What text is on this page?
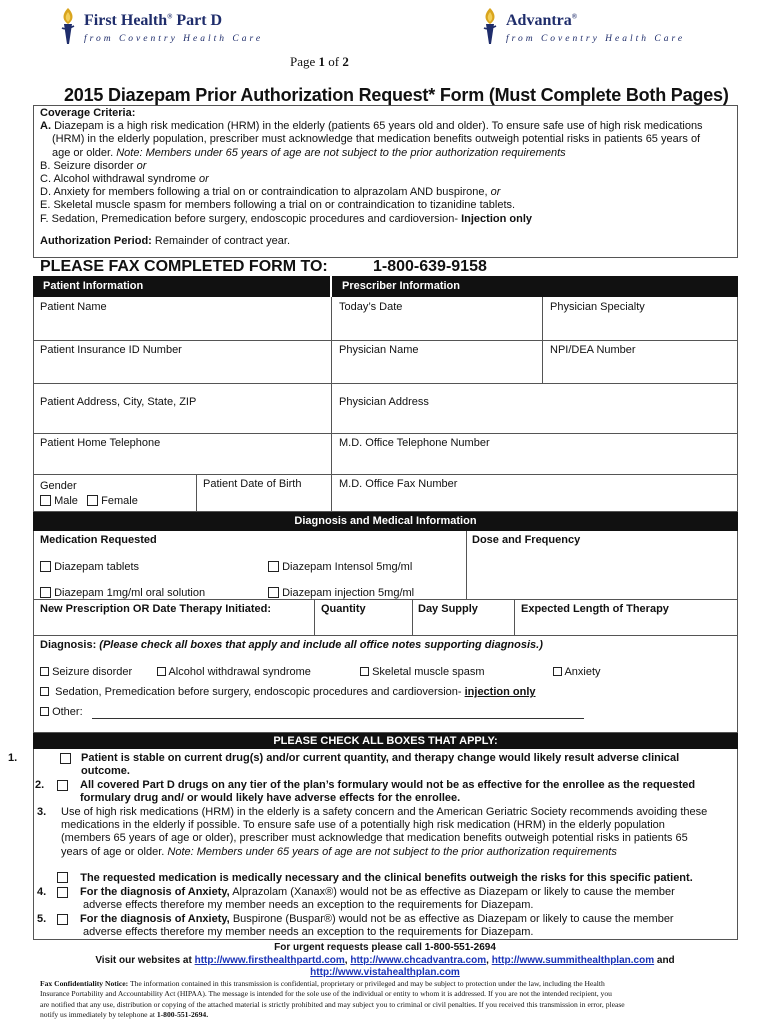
First Health® Part D
from Coventry Health Care
Advantra®
from Coventry Health Care
Page 1 of 2
2015 Diazepam Prior Authorization Request* Form (Must Complete Both Pages)
Coverage Criteria:
A. Diazepam is a high risk medication (HRM) in the elderly (patients 65 years old and older). To ensure safe use of high risk medications
(HRM) in the elderly population, prescriber must acknowledge that medication benefits outweigh potential risks in patients 65 years of
age or older. Note: Members under 65 years of age are not subject to the prior authorization requirements
B. Seizure disorder or
C. Alcohol withdrawal syndrome or
D. Anxiety for members following a trial on or contraindication to alprazolam AND buspirone, or
E. Skeletal muscle spasm for members following a trial on or contraindication to tizanidine tablets.
F. Sedation, Premedication before surgery, endoscopic procedures and cardioversion- Injection only
Authorization Period: Remainder of contract year.
PLEASE FAX COMPLETED FORM TO:	1-800-639-9158
Patient Information	Prescriber Information
Patient Name	Today’s Date	Physician Specialty
Patient Insurance ID Number	Physician Name	NPI/DEA Number
Patient Address, City, State, ZIP	Physician Address
Patient Home Telephone	M.D. Office Telephone Number
Gender
Male Female
Patient Date of Birth	M.D. Office Fax Number
Diagnosis and Medical Information
Medication Requested	Dose and Frequency
Diazepam tablets	Diazepam Intensol 5mg/ml
Diazepam 1mg/ml oral solution	Diazepam injection 5mg/ml
New Prescription OR Date Therapy Initiated:	Quantity	Day Supply	Expected Length of Therapy
Diagnosis: (Please check all boxes that apply and include all office notes supporting diagnosis.)
Seizure disorder	Alcohol withdrawal syndrome	Skeletal muscle spasm	Anxiety
Sedation, Premedication before surgery, endoscopic procedures and cardioversion- injection only
Other:
PLEASE CHECK ALL BOXES THAT APPLY:
1.	Patient is stable on current drug(s) and/or current quantity, and therapy change would likely result adverse clinical
outcome.
2.	All covered Part D drugs on any tier of the plan’s formulary would not be as effective for the enrollee as the requested
formulary drug and/ or would likely have adverse effects for the enrollee.
3.	Use of high risk medications (HRM) in the elderly is a safety concern and the American Geriatric Society recommends avoiding these
medications in the elderly if possible. To ensure safe use of a potentially high risk medication (HRM) in the elderly population
(members 65 years of age or older), prescriber must acknowledge that medication benefits outweigh potential risks in patients 65
years of age or older. Note: Members under 65 years of age are not subject to the prior authorization requirements
The requested medication is medically necessary and the clinical benefits outweigh the risks for this specific patient.
4.	For the diagnosis of Anxiety, Alprazolam (Xanax®) would not be as effective as Diazepam or likely to cause the member
adverse effects therefore my member needs an exception to the requirements for Diazepam.
5.	For the diagnosis of Anxiety, Buspirone (Buspar®) would not be as effective as Diazepam or likely to cause the member
adverse effects therefore my member needs an exception to the requirements for Diazepam.
For urgent requests please call 1-800-551-2694
Visit our websites at http://www.firsthealthpartd.com, http://www.chcadvantra.com, http://www.summithealthplan.com and
http://www.vistahealthplan.com
Fax Confidentiality Notice: The information contained in this transmission is confidential, proprietary or privileged and may be subject to protection under the law, including the Health
Insurance Portability and Accountability Act (HIPAA). The message is intended for the sole use of the individual or entity to whom it is addressed. If you are not the intended recipient, you
are notified that any use, distribution or copying of the attached material is strictly prohibited and may subject you to criminal or civil penalties. If you received this transmission in error, please
notify us immediately by telephone at 1-800-551-2694.
